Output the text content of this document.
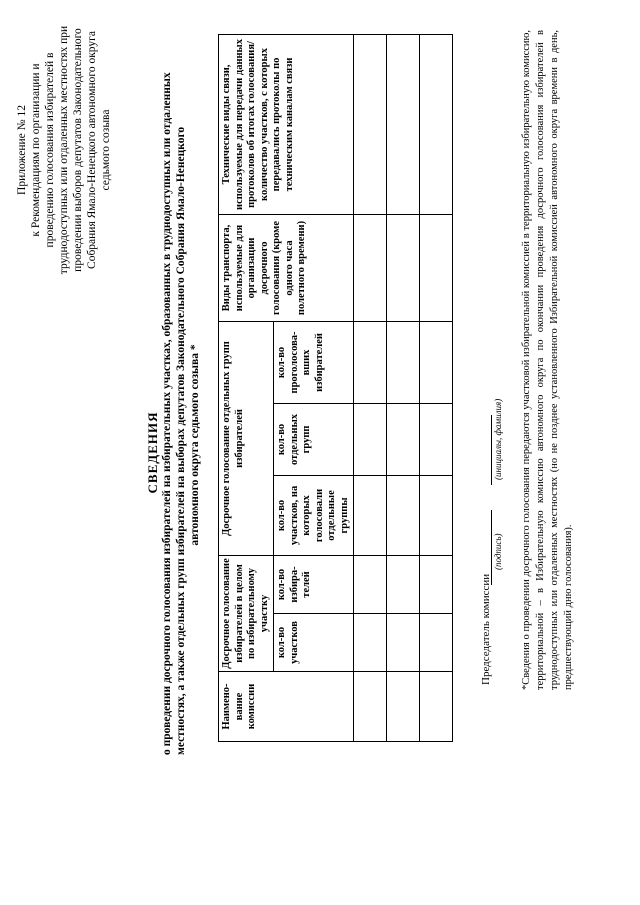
Приложение № 12 к Рекомендациям по организации и проведению голосования избирателей в труднодоступных или отдаленных местностях при проведении выборов депутатов Законодательного Собрания Ямало-Ненецкого автономного округа седьмого созыва
СВЕДЕНИЯ о проведении досрочного голосования избирателей на избирательных участках, образованных в труднодоступных или отдаленных местностях, а также отдельных групп избирателей на выборах депутатов Законодательного Собрания Ямало-Ненецкого автономного округа седьмого созыва *
Наимено-вание комиссии	Досрочное голосование избирателей в целом по избирательному участку		Досрочное голосование отдельных групп избирателей			Виды транспорта, используемые для организации досрочного голосования (кроме одного часа полетного времени)	Технические виды связи, используемые для передачи данных протоколов об итогах голосования/количество участков, с которых передавались протоколы по техническим каналам связи
	кол-во участков	кол-во избира-телей	кол-во участков, на которых голосовали отдельные группы	кол-во отдельных групп	кол-во проголосова-вших избирателей		

Председатель комиссии
(подпись)
(инициалы, фамилия) *Сведения о проведении досрочного голосования передаются участковой избирательной комиссией в территориальную избирательную комиссию, территориальной – в Избирательную комиссию автономного округа по окончании проведения досрочного голосования избирателей в труднодоступных или отдаленных местностях (но не позднее установленного Избирательной комиссией автономного округа времени в день, предшествующий дню голосования).
